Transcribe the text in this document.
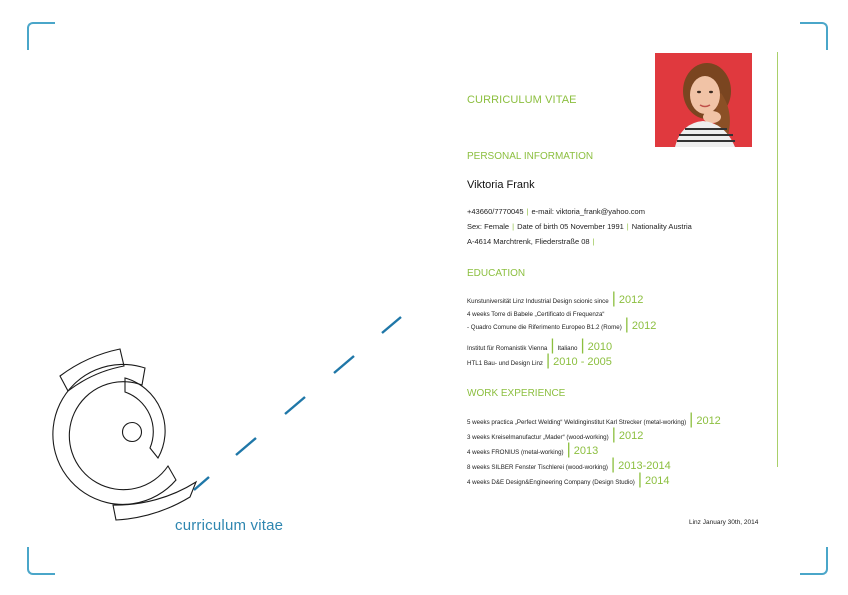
curriculum vitae
CURRICULUM VITAE
PERSONAL INFORMATION
Viktoria Frank
+43660/7770045 | e-mail: viktoria_frank@yahoo.com
Sex: Female | Date of birth 05 November 1991 | Nationality Austria
A-4614 Marchtrenk, Fliederstraße 08 |
EDUCATION
Kunstuniversität Linz Industrial Design scionic since | 2012
4 weeks Torre di Babele „Certificato di Frequenza“
- Quadro Comune die Riferimento Europeo B1.2 (Rome) | 2012
Institut für Romanistik Vienna | Italiano | 2010
HTL1 Bau- und Design Linz | 2010 - 2005
WORK EXPERIENCE
5 weeks practica „Perfect Welding“ Weldinginstitut Karl Strecker (metal-working) | 2012
3 weeks Kreiselmanufactur „Mader“ (wood-working) | 2012
4 weeks FRONIUS (metal-working) | 2013
8 weeks SILBER Fenster Tischlerei (wood-working) | 2013-2014
4 weeks D&E Design&Engineering Company (Design Studio) | 2014
Linz January 30th, 2014
